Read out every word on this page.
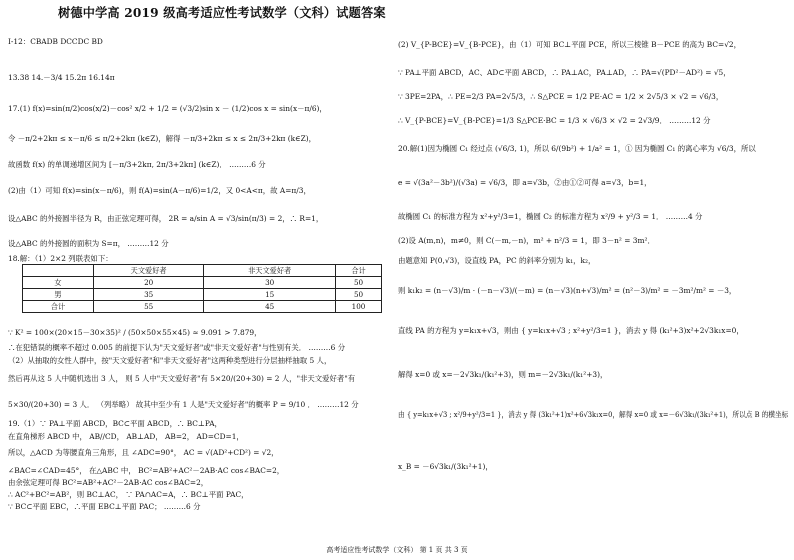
树德中学高 2019 级高考适应性考试数学（文科）试题答案
I-12：CBADB DCCDC BD
13.38 14.－3/4 15.2π 16.14π
17.(1) f(x)=sin(π/2)cos(x/2)－cos² x/2 + 1/2 = (√3/2)sin x － (1/2)cos x = sin(x－π/6)，
令 －π/2+2kπ ≤ x－π/6 ≤ π/2+2kπ (k∈Z)，解得 －π/3+2kπ ≤ x ≤ 2π/3+2kπ (k∈Z)，
故函数 f(x) 的单调递增区间为 [－π/3+2kπ, 2π/3+2kπ] (k∈Z)． ………6 分
(2)由（1）可知 f(x)=sin(x－π/6)，则 f(A)=sin(A－π/6)=1/2，又 0<A<π，故 A=π/3，
设△ABC 的外接圆半径为 R，由正弦定理可得， 2R = a/sin A = √3/sin(π/3) = 2，∴ R=1，
设△ABC 的外接圆的面积为 S=π， ………12 分
18.解：（1）2×2 列联表如下：
	天文爱好者	非天文爱好者	合计
女	20	30	50
男	35	15	50
合计	55	45	100
∵ K² = 100×(20×15－30×35)² / (50×50×55×45) ≈ 9.091 > 7.879，
∴在犯错误的概率不超过 0.005 的前提下认为"天文爱好者"或"非天文爱好者"与性别有关． ………6 分
（2）从抽取的女性人群中，按"天文爱好者"和"非天文爱好者"这两种类型进行分层抽样抽取 5 人，
然后再从这 5 人中随机选出 3 人， 则 5 人中"天文爱好者"有 5×20/(20+30) = 2 人，"非天文爱好者"有
5×30/(20+30) = 3 人． （列举略） 故其中至少有 1 人是"天文爱好者"的概率 P = 9/10 ． ………12 分
19.（1）∵ PA⊥平面 ABCD，BC⊂平面 ABCD，∴ BC⊥PA，
在直角梯形 ABCD 中， AB//CD， AB⊥AD， AB=2， AD=CD=1，
所以，△ACD 为等腰直角三角形，且 ∠ADC=90°， AC = √(AD²+CD²) = √2，
∠BAC=∠CAD=45°， 在△ABC 中， BC²=AB²+AC²－2AB·AC cos∠BAC=2，
由余弦定理可得 BC²=AB²+AC²－2AB·AC cos∠BAC=2，
∴ AC²+BC²=AB²，则 BC⊥AC， ∵ PA∩AC=A，∴ BC⊥平面 PAC，
∵ BC⊂平面 EBC，∴平面 EBC⊥平面 PAC； ………6 分
(2) V_{P-BCE}=V_{B-PCE}，由（1）可知 BC⊥平面 PCE，所以三棱锥 B－PCE 的高为 BC=√2，
∵ PA⊥平面 ABCD，AC、AD⊂平面 ABCD，∴ PA⊥AC，PA⊥AD，∴ PA=√(PD²－AD²) = √5，
∵ 3PE=2PA，∴ PE=2/3 PA=2√5/3，∴ S△PCE = 1/2 PE·AC = 1/2 × 2√5/3 × √2 = √6/3，
∴ V_{P-BCE}=V_{B-PCE}=1/3 S△PCE·BC = 1/3 × √6/3 × √2 = 2√3/9． ………12 分
20.解(1)因为椭圆 C₁ 经过点 (√6/3, 1)，所以 6/(9b²) + 1/a² = 1，① 因为椭圆 C₁ 的离心率为 √6/3，所以
e = √(3a²－3b²)/(√3a) = √6/3，即 a=√3b，②由①②可得 a=√3，b=1，
故椭圆 C₁ 的标准方程为 x²+y²/3=1，椭圆 C₂ 的标准方程为 x²/9 + y²/3 = 1． ………4 分
(2)设 A(m,n)，m≠0，则 C(－m,－n)，m² + n²/3 = 1，即 3－n² = 3m²．
由题意知 P(0,√3)，设直线 PA，PC 的斜率分别为 k₁，k₂，
则 k₁k₂ = (n－√3)/m · (－n－√3)/(－m) = (n－√3)(n+√3)/m² = (n²－3)/m² = －3m²/m² = －3，
直线 PA 的方程为 y=k₁x+√3，则由 { y=k₁x+√3 ; x²+y²/3=1 }，消去 y 得 (k₁²+3)x²+2√3k₁x=0，
解得 x=0 或 x=－2√3k₁/(k₁²+3)，则 m=－2√3k₁/(k₁²+3)，
由 { y=k₁x+√3 ; x²/9+y²/3=1 }，消去 y 得 (3k₁²+1)x²+6√3k₁x=0，解得 x=0 或 x=－6√3k₁/(3k₁²+1)，所以点 B 的横坐标
x_B = －6√3k₁/(3k₁²+1)，
高考适应性考试数学（文科） 第 1 页 共 3 页
